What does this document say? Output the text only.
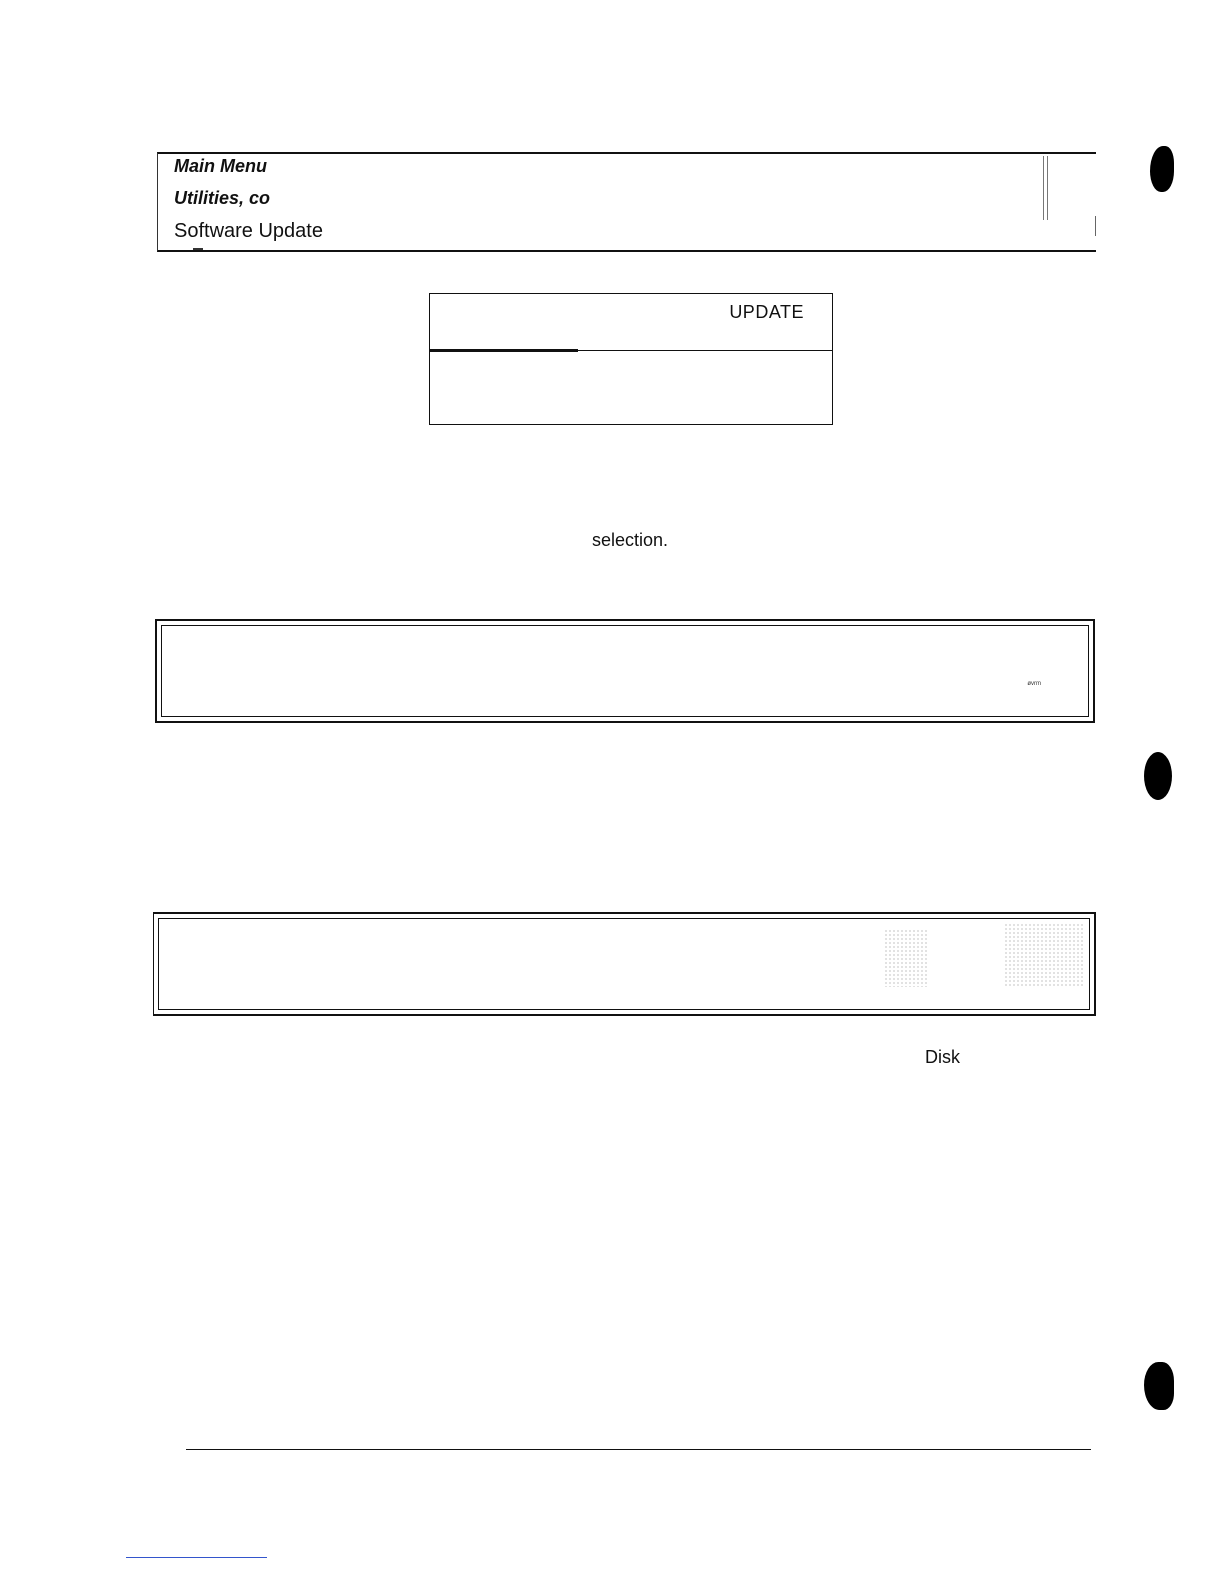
Main Menu
Utilities, co
Software Update
UPDATE
selection.
øvrm
Disk
